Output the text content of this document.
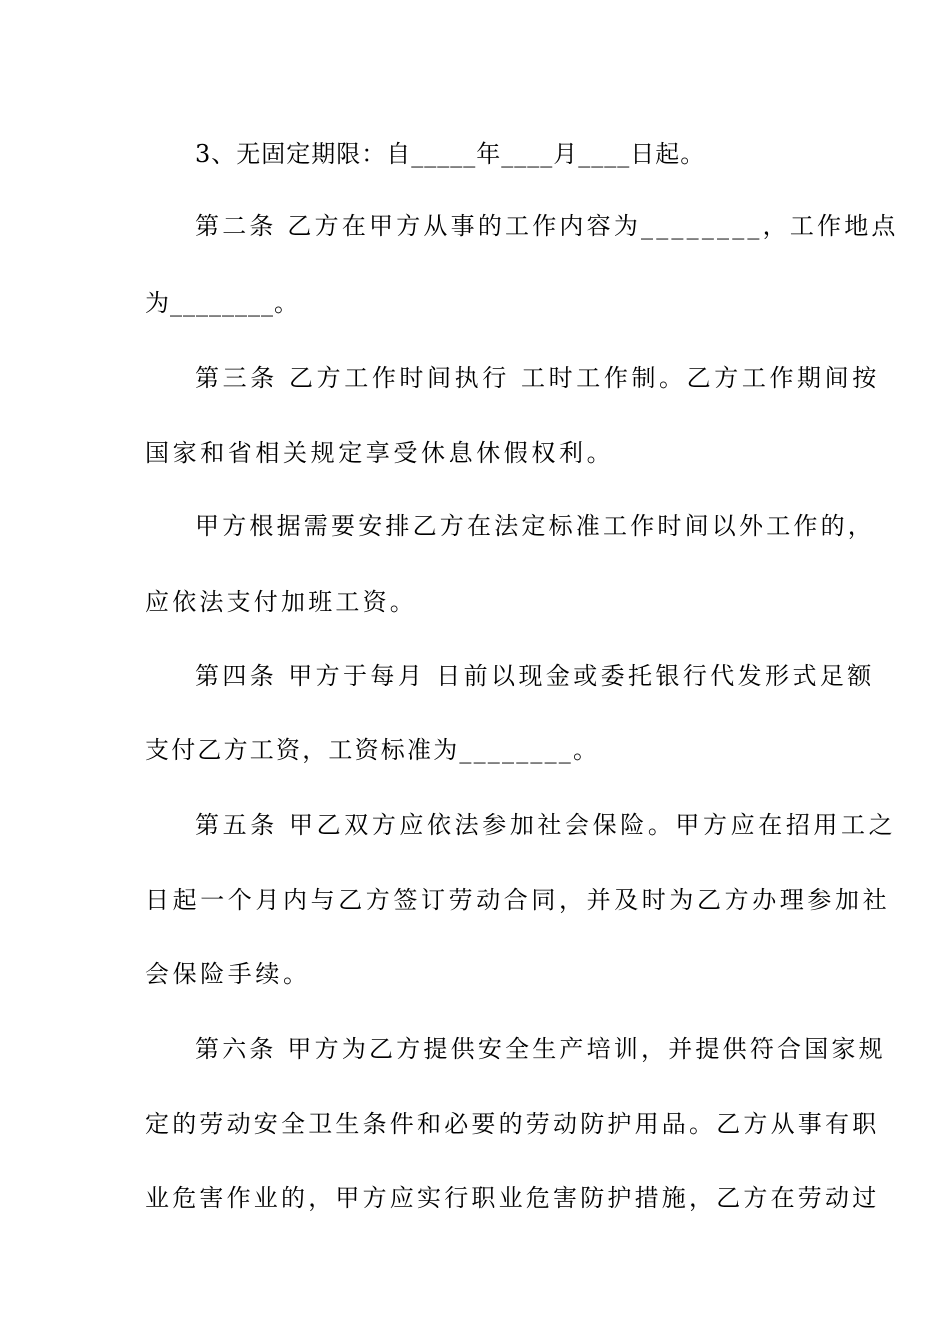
3、无固定期限：自_____年____月____日起。
第二条 乙方在甲方从事的工作内容为________，工作地点
为________。
第三条 乙方工作时间执行 工时工作制。乙方工作期间按
国家和省相关规定享受休息休假权利。
甲方根据需要安排乙方在法定标准工作时间以外工作的，
应依法支付加班工资。
第四条 甲方于每月 日前以现金或委托银行代发形式足额
支付乙方工资，工资标准为________。
第五条 甲乙双方应依法参加社会保险。甲方应在招用工之
日起一个月内与乙方签订劳动合同，并及时为乙方办理参加社
会保险手续。
第六条 甲方为乙方提供安全生产培训，并提供符合国家规
定的劳动安全卫生条件和必要的劳动防护用品。乙方从事有职
业危害作业的，甲方应实行职业危害防护措施，乙方在劳动过
